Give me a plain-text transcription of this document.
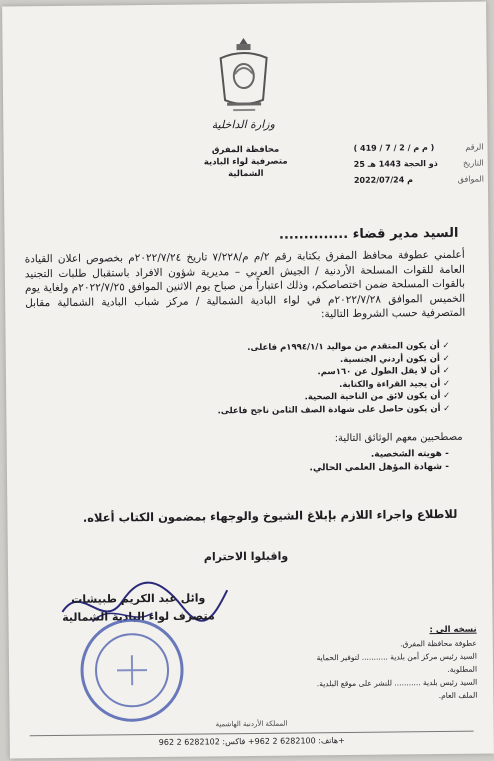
وزارة الداخلية
محافظة المفرق
متصرفية لواء البادية الشمالية
الرقم
( 419 / 7 / م م / 2 )
التاريخ
25 ذو الحجة 1443 هـ
الموافق
2022/07/24 م
السيد مدير قضاء ..............
أعلمني عطوفة محافظ المفرق بكتابة رقم ٢/م م/٧/٢٢٨ تاريخ ٢٠٢٢/٧/٢٤م بخصوص اعلان القيادة العامة للقوات المسلحة الأردنية / الجيش العربي – مديرية شؤون الافراد باستقبال طلبات التجنيد بالقوات المسلحة ضمن اختصاصكم، وذلك اعتباراً من صباح يوم الاثنين الموافق ٢٠٢٢/٧/٢٥م ولغاية يوم الخميس الموافق ٢٠٢٢/٧/٢٨م في لواء البادية الشمالية / مركز شباب البادية الشمالية مقابل المتصرفية حسب الشروط التالية:
✓ أن يكون المتقدم من مواليد ١٩٩٤/١/١م فاعلى.
✓ أن يكون أردني الجنسية.
✓ أن لا يقل الطول عن ١٦٠سم.
✓ أن يجيد القراءة والكتابة.
✓ أن يكون لائق من الناحية الصحية.
✓ أن يكون حاصل على شهادة الصف الثامن ناجح فاعلى.
مصطحبين معهم الوثائق التالية:
- هويته الشخصية.
- شهادة المؤهل العلمي الحالي.
للاطلاع واجراء اللازم بإبلاغ الشيوخ والوجهاء بمضمون الكتاب أعلاه.
واقبلوا الاحترام
وائل عبد الكريم طبيشات
متصرف لواء البادية الشمالية
نسخه الى :
عطوفة محافظة المفرق.
السيد رئيس مركز أمن بلدية ........... لتوفير الحماية المطلوبة.
السيد رئيس بلدية ........... للنشر على موقع البلدية.
الملف العام.
المملكة الأردنية الهاشمية
هاتف: 6282100 2 962+ فاكس: 6282102 2 962+
